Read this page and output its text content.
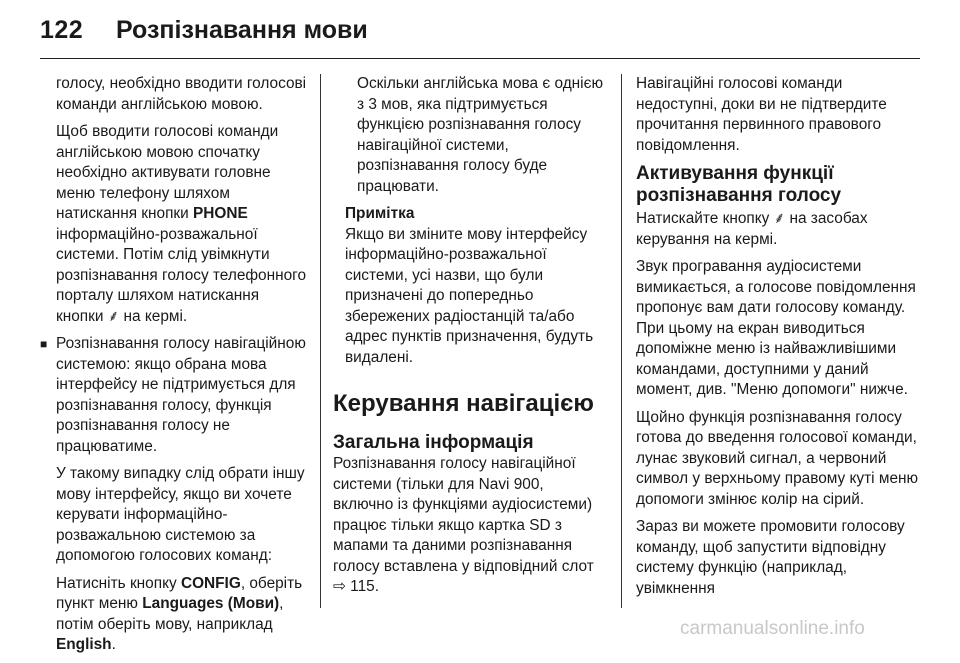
122 Розпізнавання мови

голосу, необхідно вводити голосові команди англійською мовою.

Щоб вводити голосові команди англійською мовою спочатку необхідно активувати головне меню телефону шляхом натискання кнопки PHONE інформаційно-розважальної системи. Потім слід увімкнути розпізнавання голосу телефонного порталу шляхом натискання кнопки ⸙ на кермі.

■ Розпізнавання голосу навігаційною системою: якщо обрана мова інтерфейсу не підтримується для розпізнавання голосу, функція розпізнавання голосу не працюватиме.

У такому випадку слід обрати іншу мову інтерфейсу, якщо ви хочете керувати інформаційно-розважальною системою за допомогою голосових команд:

Натисніть кнопку CONFIG, оберіть пункт меню Languages (Мови), потім оберіть мову, наприклад English.

Оскільки англійська мова є однією з 3 мов, яка підтримується функцією розпізнавання голосу навігаційної системи, розпізнавання голосу буде працювати.

Примітка

Якщо ви зміните мову інтерфейсу інформаційно-розважальної системи, усі назви, що були призначені до попередньо збережених радіостанцій та/або адрес пунктів призначення, будуть видалені.

Керування навігацією
Загальна інформація

Розпізнавання голосу навігаційної системи (тільки для Navi 900, включно із функціями аудіосистеми) працює тільки якщо картка SD з мапами та даними розпізнавання голосу вставлена у відповідний слот ⇨ 115.

Навігаційні голосові команди недоступні, доки ви не підтвердите прочитання первинного правового повідомлення.

Активування функції розпізнавання голосу

Натискайте кнопку ⸙ на засобах керування на кермі.

Звук програвання аудіосистеми вимикається, а голосове повідомлення пропонує вам дати голосову команду. При цьому на екран виводиться допоміжне меню із найважливішими командами, доступними у даний момент, див. "Меню допомоги" нижче.

Щойно функція розпізнавання голосу готова до введення голосової команди, лунає звуковий сигнал, а червоний символ у верхньому правому куті меню допомоги змінює колір на сірий.

Зараз ви можете промовити голосову команду, щоб запустити відповідну систему функцію (наприклад, увімкнення

carmanualsonline.info
